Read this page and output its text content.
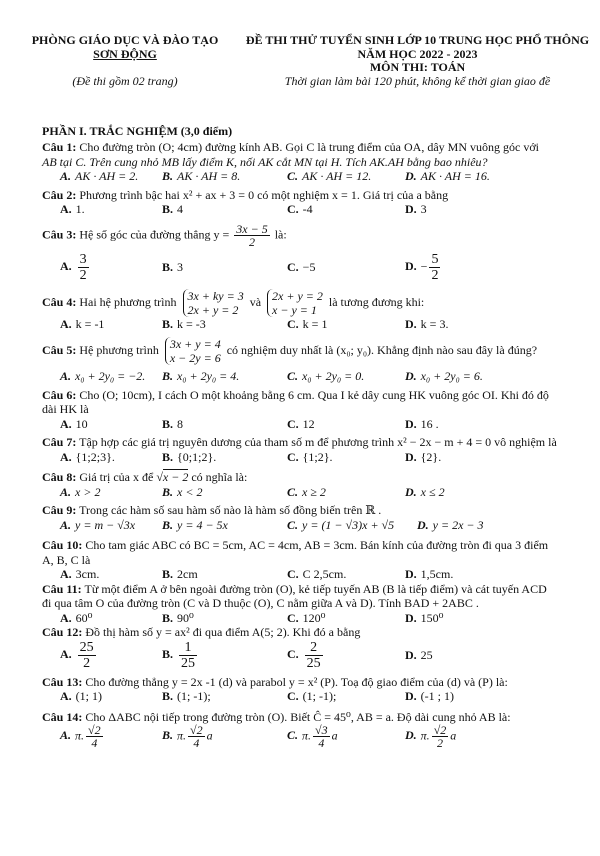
PHÒNG GIÁO DỤC VÀ ĐÀO TẠO
SƠN ĐỘNG
(Đề thi gồm 02 trang)
ĐỀ THI THỬ TUYỂN SINH LỚP 10 TRUNG HỌC PHỔ THÔNG
NĂM HỌC 2022 - 2023
MÔN THI: TOÁN
Thời gian làm bài 120 phút, không kể thời gian giao đề
PHẦN I. TRẮC NGHIỆM (3,0 điểm)
Câu 1: Cho đường tròn (O; 4cm) đường kính AB. Gọi C là trung điểm của OA, dây MN vuông góc với
AB tại C. Trên cung nhỏ MB lấy điểm K, nối AK cắt MN tại H. Tích AK.AH bằng bao nhiêu?
A. AK · AH = 2.	B. AK · AH = 8.	C. AK · AH = 12.	D. AK · AH = 16.
Câu 2: Phương trình bậc hai x² + ax + 3 = 0 có một nghiệm x = 1. Giá trị của a bằng
A. 1.	B. 4	C. -4	D. 3
Câu 3: Hệ số góc của đường thẳng $y = \frac{3x - 5}{2}$ là:
A. $\frac{3}{2}$	B. 3	C. −5	D. − $\frac{5}{2}$
Câu 4: Hai hệ phương trình 3x + ky = 3
2x + y = 2 và 2x + y = 2
x − y = 1 là tương đương khi:
A. k = -1	B. k = -3	C. k = 1	D. k = 3.
Câu 5: Hệ phương trình 3x + y = 4
x − 2y = 6 có nghiệm duy nhất là (x₀; y₀). Khẳng định nào sau đây là đúng?
A. x₀ + 2y₀ = −2.	B. x₀ + 2y₀ = 4.	C. x₀ + 2y₀ = 0.	D. x₀ + 2y₀ = 6.
Câu 6: Cho (O; 10cm), I cách O một khoảng bằng 6 cm. Qua I kẻ dây cung HK vuông góc OI. Khi đó độ
dài HK là
A. 10	B. 8	C. 12	D. 16 .
Câu 7: Tập hợp các giá trị nguyên dương của tham số m để phương trình x² − 2x − m + 4 = 0 vô nghiệm là
A. {1;2;3}.	B. {0;1;2}.	C. {1;2}.	D. {2}.
Câu 8: Giá trị của x để √x − 2 có nghĩa là:
A. x > 2	B. x < 2	C. x ≥ 2	D. x ≤ 2
Câu 9: Trong các hàm số sau hàm số nào là hàm số đồng biến trên ℝ .
A. y = m − √3x	B. y = 4 − 5x	C. y = (1 − √3)x + √5	D. y = 2x − 3
Câu 10: Cho tam giác ABC có BC = 5cm, AC = 4cm, AB = 3cm. Bán kính của đường tròn đi qua 3 điểm
A, B, C là
A. 3cm.	B. 2cm	C. C 2,5cm.	D. 1,5cm.
Câu 11: Từ một điểm A ở bên ngoài đường tròn (O), kẻ tiếp tuyến AB (B là tiếp điểm) và cát tuyến ACD
đi qua tâm O của đường tròn (C và D thuộc (O), C nằm giữa A và D). Tính BAD + 2ABC .
A. 60⁰	B. 90⁰	C. 120⁰	D. 150⁰
Câu 12: Đồ thị hàm số y = ax² đi qua điểm A(5; 2). Khi đó a bằng
A. $\frac{25}{2}$	B. $\frac{1}{25}$	C. $\frac{2}{25}$	D. 25
Câu 13: Cho đường thẳng y = 2x -1 (d) và parabol y = x² (P). Toạ độ giao điểm của (d) và (P) là:
A. (1; 1)	B. (1; -1);	C. (1; -1);	D. (-1 ; 1)
Câu 14: Cho ΔABC nội tiếp trong đường tròn (O). Biết Ĉ = 45⁰, AB = a. Độ dài cung nhỏ AB là:
A. π. $\frac{√2}{4}$	B. π. $\frac{√2}{4}$ a	C. π. $\frac{√3}{4}$ a	D. π. $\frac{√2}{2}$ a
